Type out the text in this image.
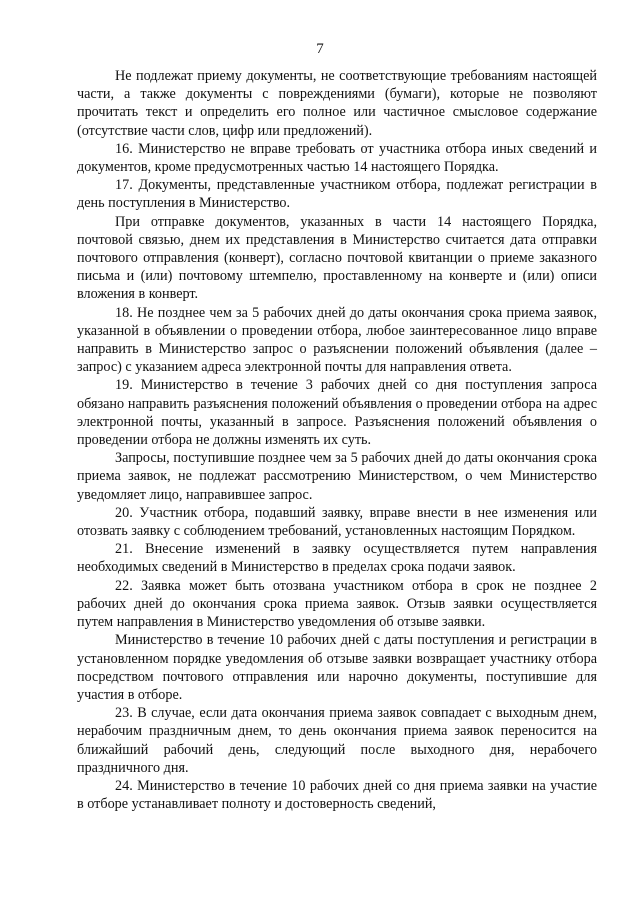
7

Не подлежат приему документы, не соответствующие требованиям настоящей части, а также документы с повреждениями (бумаги), которые не позволяют прочитать текст и определить его полное или частичное смысловое содержание (отсутствие части слов, цифр или предложений).

16. Министерство не вправе требовать от участника отбора иных сведений и документов, кроме предусмотренных частью 14 настоящего Порядка.

17. Документы, представленные участником отбора, подлежат регистрации в день поступления в Министерство.

При отправке документов, указанных в части 14 настоящего Порядка, почтовой связью, днем их представления в Министерство считается дата отправки почтового отправления (конверт), согласно почтовой квитанции о приеме заказного письма и (или) почтовому штемпелю, проставленному на конверте и (или) описи вложения в конверт.

18. Не позднее чем за 5 рабочих дней до даты окончания срока приема заявок, указанной в объявлении о проведении отбора, любое заинтересованное лицо вправе направить в Министерство запрос о разъяснении положений объявления (далее – запрос) с указанием адреса электронной почты для направления ответа.

19. Министерство в течение 3 рабочих дней со дня поступления запроса обязано направить разъяснения положений объявления о проведении отбора на адрес электронной почты, указанный в запросе. Разъяснения положений объявления о проведении отбора не должны изменять их суть.

Запросы, поступившие позднее чем за 5 рабочих дней до даты окончания срока приема заявок, не подлежат рассмотрению Министерством, о чем Министерство уведомляет лицо, направившее запрос.

20. Участник отбора, подавший заявку, вправе внести в нее изменения или отозвать заявку с соблюдением требований, установленных настоящим Порядком.

21. Внесение изменений в заявку осуществляется путем направления необходимых сведений в Министерство в пределах срока подачи заявок.

22. Заявка может быть отозвана участником отбора в срок не позднее 2 рабочих дней до окончания срока приема заявок. Отзыв заявки осуществляется путем направления в Министерство уведомления об отзыве заявки.

Министерство в течение 10 рабочих дней с даты поступления и регистрации в установленном порядке уведомления об отзыве заявки возвращает участнику отбора посредством почтового отправления или нарочно документы, поступившие для участия в отборе.

23. В случае, если дата окончания приема заявок совпадает с выходным днем, нерабочим праздничным днем, то день окончания приема заявок переносится на ближайший рабочий день, следующий после выходного дня, нерабочего праздничного дня.

24. Министерство в течение 10 рабочих дней со дня приема заявки на участие в отборе устанавливает полноту и достоверность сведений,
